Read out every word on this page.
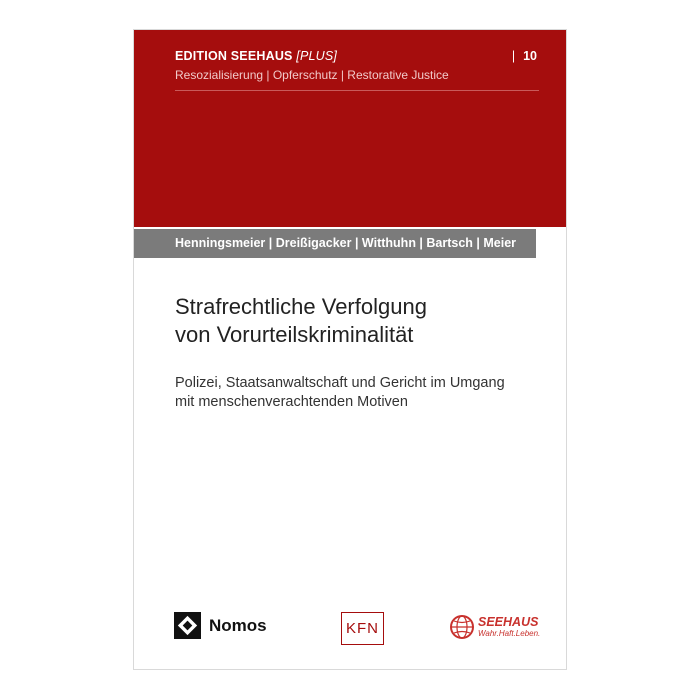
EDITION SEEHAUS [PLUS]	| 10
Resozialisierung | Opferschutz | Restorative Justice
Henningsmeier | Dreißigacker | Witthuhn | Bartsch | Meier
Strafrechtliche Verfolgung
von Vorurteilskriminalität
Polizei, Staatsanwaltschaft und Gericht im Umgang
mit menschenverachtenden Motiven
Nomos	KFN	SEEHAUS
Wahr.Haft.Leben.
